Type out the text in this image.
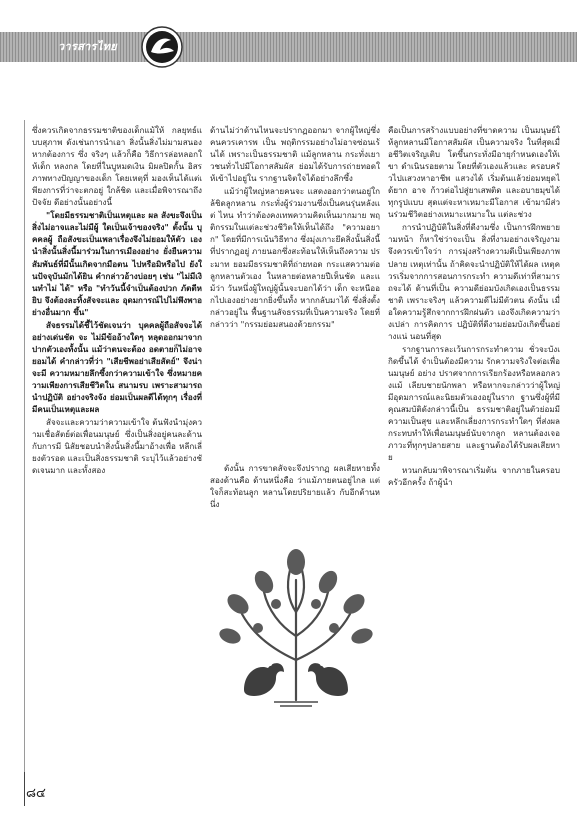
วารสารไทย

ซึ่งควรเกิดจากธรรมชาติของเด็กแม้ให้ กลยุทธ์แบบสุภาพ ดังเช่นการนำเอา สิ่งนั้นสิ่งไม่มามสนองหากต้องการ ซึ่ง จริงๆ แล้วก็คือ วิธีการล่อหลอกให้เด็ก หลงกล โดยที่ในบูหมดเงิน มิผลปิดกั้น อิสรภาพทางปัญญาของเด็ก โดยเหตุที่ มองเห็นได้แต่เพียงการที่ว่าจะตกอยู่ ใกล้ชิด และเมื่อพิจารณาถึงปัจจัย ดีอย่างนั้นอย่างนี้

"โดยมีธรรมชาติเป็นเหตุและ ผล สังขะจึงเป็นสิ่งไม่อาจและไม่มีผู้ ใดเป็นเจ้าของจริง" ตั้งนั้น บุคคลผู้ ถือสังขะเป็นเพลาเรื่องจึงไม่ยอมให้ตัว เองนำสิ่งนั้นสิ่งนี้มาร่วมในการเมืองอย่าง ยั่งยืนความสัมพันธ์ที่มีนั้นเกิดจากมือตน ไปหรือมิหรือไป ยังในปัจจุบันมักได้ยิน คำกล่าวอ้างบ่อยๆ เช่น "ไม่มีเงินทำไม่ ได้" หรือ "ทำวันนี้จำเป็นต้องปวก ภัตตีหยิบ จึงต้องละทิ้งสัจจะและ อุดมการณ์ไปไม่พึงพาอย่างอื่นมาก ขึ้น"

สัจธรรมได้ชี้ไว้ชัดเจนว่า บุคคลผู้ถือสัจจะได้อย่างเด่นชัด จะ ไม่มีข้ออ้างใดๆ หลุดออกมาจาก ปากตัวเองทั้งนั้น แม้ว่าตนจะต้อง อดตายก็ไม่อาจยอมได้ คำกล่าวที่ว่า "เสียชีพอย่าเสียสัตย์" จึงน่าจะมี ความหมายลึกซึ้งกว่าความเข้าใจ ซึ่งหมายความเพียงการเสียชีวิตใน สนามรบ เพราะสามารถนำปฏิบัติ อย่างจริงจัง ย่อมเป็นผลดีได้ทุกๆ เรื่องที่มีคนเป็นเหตุและผล

สัจจะและความว่าความเข้าใจ ต้นฟังนำมุ่งความเชื่อสัตย์ต่อเพื่อนมนุษย์ ซึ่งเป็นสิ่งอยู่คนละด้านกับการมี นิสัยชอบนำสิ่งนั้นสิ่งนี้มาอ้างเพื่อ หลีกเลี่ยงตัวรอด และเป็นสิ่งธรรมชาติ ระบุไว้แล้วอย่างชัดเจนมาก และทั้งสอง

ด้านไม่ว่าด้านไหนจะปรากฏออกมา จากผู้ใหญ่ซึ่งคนควรเคารพ เป็น พฤติกรรมอย่างไม่อาจซ่อนเร้นได้ เพราะเป็นธรรมชาติ แม้ลูกหลาน กระทั่งเยาวชนทั่วไปมีโอกาสสัมผัส ย่อมได้รับการถ่ายทอดให้เข้าไปอยู่ใน รากฐานจิตใจได้อย่างลึกซึ้ง

แม้ว่าผู้ใหญ่หลายคนจะ แสดงออกว่าตนอยู่ใกล้ชิดลูกหลาน กระทั่งผู้ร่วมงานซึ่งเป็นคนรุ่นหลังแต่ ไหน ทำว่าต้องคงเทพความคิดเห็นมากมาย พฤติกรรมในแต่ละช่วงชีวิตให้เห็นได้ถึง "ความอยาก" โดยที่มีการเน้นวิธีทาง ซึ่งมุ่งเกาะยึดสิ่งนั้นสิ่งนี้ที่ปรากฏอยู่ ภายนอกซึ่งสะท้อนให้เห็นถึงความ ประมาท ยอมมีธรรมชาติที่ถ่ายทอด กระแสความต่อลูกหลานตัวเอง ในหลายต่อหลายปีเห็นชัด และแม้ว่า วันหนึ่งผู้ใหญ่ผู้นั้นจะบอกได้ว่า เด็ก จะหนีออกไปเองอย่างยากยิ่งขึ้นทั้ง หากกลับมาได้ ซึ่งสิ่งตั้งกล่าวอยู่ใน พื้นฐานสัจธรรมที่เป็นความจริง โดยที่ กล่าวว่า "กรรมย่อมสนองด้วยกรรม"

ดังนั้น การขาดสัจจะจึงปรากฏ ผลเสียหายทั้งสองด้านคือ ด้านหนึ่งคือ ว่าแม้ภายตนอยู่ไกล แต่ใจก็สะท้อนลูก หลานโดยปริยายแล้ว กับอีกด้านหนึ่ง

คือเป็นการสร้างแบบอย่างที่ขาดความ เป็นมนุษย์ให้ลูกหลานมีโอกาสสัมผัส เป็นความจริง ในที่สุดเมื่อชีวิตเจริญเติบ โตขึ้นกระทั่งมีอายุกำหนดเองให้เขา ดำเนินรอยตาม โดยที่ตัวเองแล้วและ ครอบครัวไปแสวงหาอาชีพ แสวงได้ เริ่มต้นแล้วย่อมหยุดได้ยาก อาจ ก้าวต่อไปสู่ยาเสพติด และอบายมุขได้ ทุกรูปแบบ สุดแต่จะหาเหมาะมีโอกาส เข้ามามีส่วนร่วมชีวิตอย่างเหมาะเหมาะใน แต่ละช่วง

การนำปฏิบัติในสิ่งที่ดีงามซึ่ง เป็นการฝึกพยายามหน้า ก็หาใช่ว่าจะเป็น สิ่งที่งามอย่างเจริญงาม จึงควรเข้าใจว่า การมุ่งสร้างความดีเป็นเพียงภาพปลาย เหตุเท่านั้น ถ้าคิดจะนำปฏิบัติให้ได้ผล เหตุควรเริ่มจากการสอนการกระทำ ความดีเท่าที่สามารถจะได้ ด้านที่เป็น ความดีย่อมบังเกิดเองเป็นธรรมชาติ เพราะจริงๆ แล้วความดีไม่มีตัวตน ดังนั้น เมื่อใดความรู้สึกจากการฝึกฝนตัว เองจึงเกิดความว่างเปล่า การคิดการ ปฏิบัติที่ดีงามย่อมบังเกิดขึ้นอย่างแน่ นอนที่สุด

รากฐานการละเว้นการกระทำความ ชั่วจะบังเกิดขึ้นได้ จำเป็นต้องมีความ รักความจริงใจต่อเพื่อนมนุษย์ อย่าง ปราศจากการเรียกร้องหรือหลอกลวงแม้ เลียบชายนักพลา หรือหากจะกล่าวว่าผู้ใหญ่ มีอุดมการณ์และนิยมตัวเองอยู่ในราก ฐานซึ่งผู้ที่มีคุณสมบัติดังกล่าวนี้เป็น ธรรมชาติอยู่ในตัวย่อมมีความเป็นสุข และหลีกเลี่ยงการกระทำใดๆ ที่ส่งผล กระทบทำให้เพื่อนมนุษย์นับจากลูก หลานต้องเจอภาวะที่ทุกๆปลายสาย และฐานต้องได้รับผลเสียหาย

หวนกลับมาพิจารณาเริ่มต้น จากภายในครอบครัวอีกครั้ง ถ้าผู้นำ

๘๔
